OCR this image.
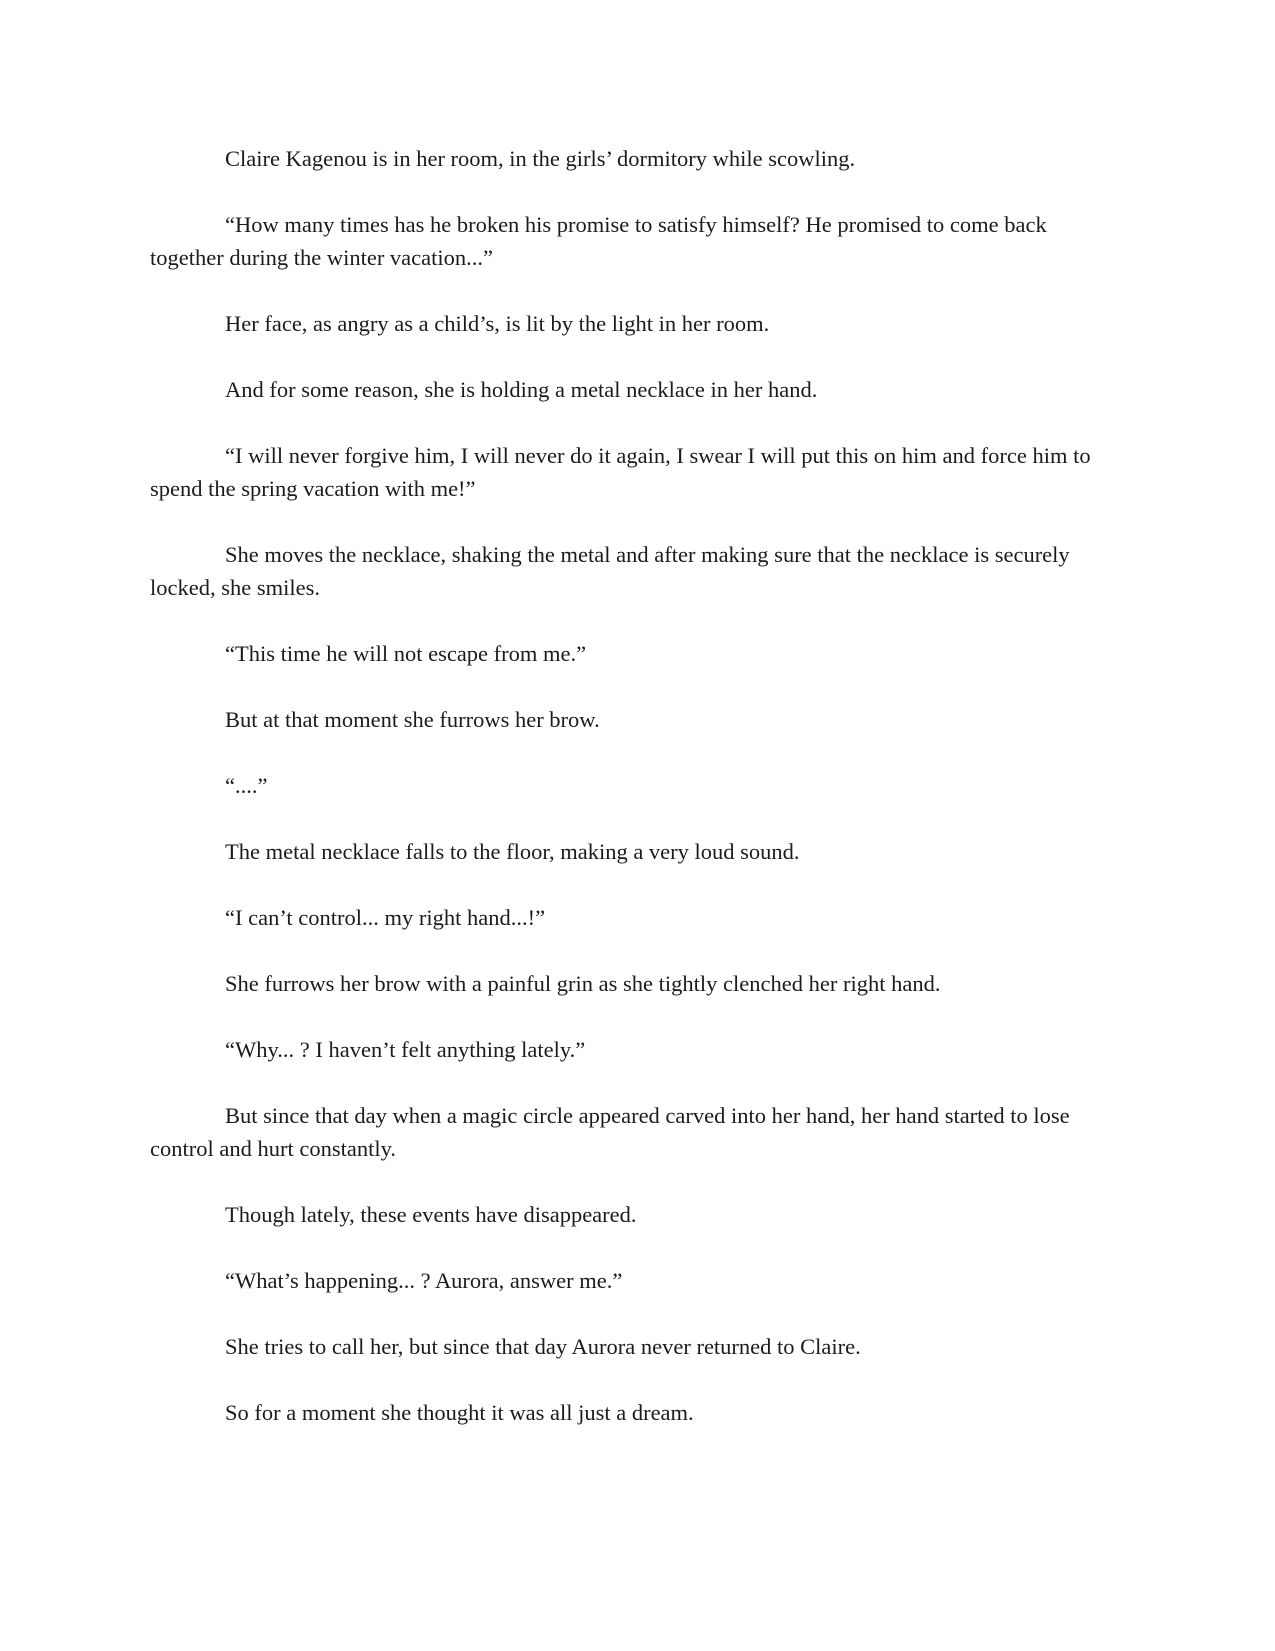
Claire Kagenou is in her room, in the girls’ dormitory while scowling.

“How many times has he broken his promise to satisfy himself? He promised to come back together during the winter vacation...”

Her face, as angry as a child’s, is lit by the light in her room.

And for some reason, she is holding a metal necklace in her hand.

“I will never forgive him, I will never do it again, I swear I will put this on him and force him to spend the spring vacation with me!”

She moves the necklace, shaking the metal and after making sure that the necklace is securely locked, she smiles.

“This time he will not escape from me.”

But at that moment she furrows her brow.

“....”

The metal necklace falls to the floor, making a very loud sound.

“I can’t control... my right hand...!”

She furrows her brow with a painful grin as she tightly clenched her right hand.

“Why... ? I haven’t felt anything lately.”

But since that day when a magic circle appeared carved into her hand, her hand started to lose control and hurt constantly.

Though lately, these events have disappeared.

“What’s happening... ? Aurora, answer me.”

She tries to call her, but since that day Aurora never returned to Claire.

So for a moment she thought it was all just a dream.
